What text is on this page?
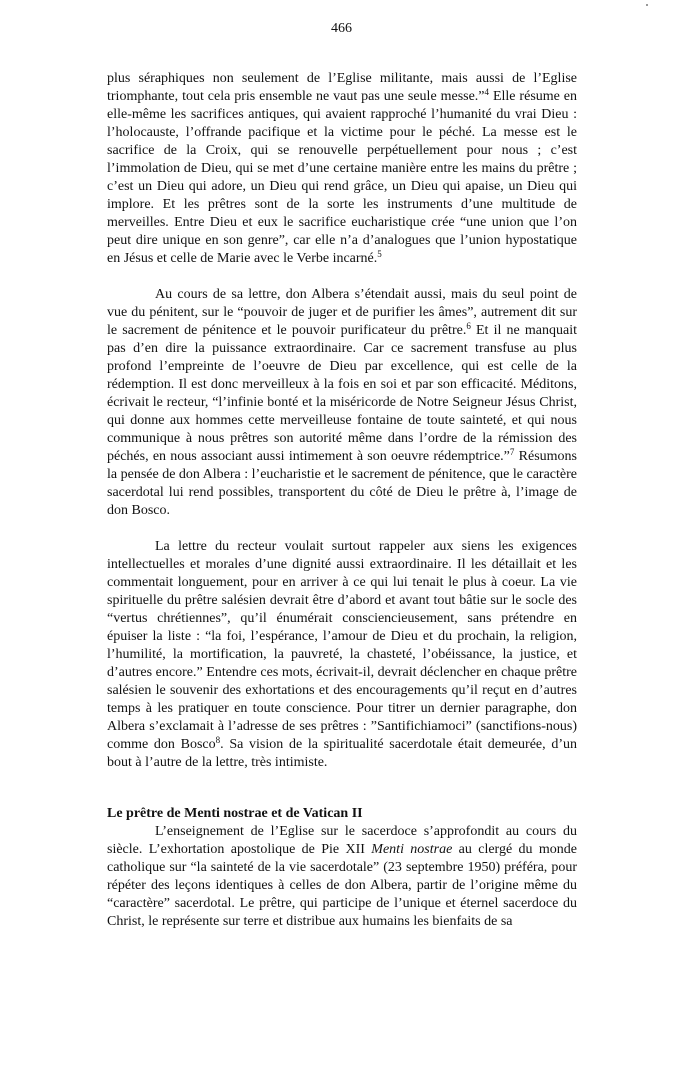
466

plus séraphiques non seulement de l’Eglise militante, mais aussi de l’Eglise triomphante, tout cela pris ensemble ne vaut pas une seule messe.”$^4$ Elle résume en elle-même les sacrifices antiques, qui avaient rapproché l’humanité du vrai Dieu : l’holocauste, l’offrande pacifique et la victime pour le péché. La messe est le sacrifice de la Croix, qui se renouvelle perpétuellement pour nous ; c’est l’immolation de Dieu, qui se met d’une certaine manière entre les mains du prêtre ; c’est un Dieu qui adore, un Dieu qui rend grâce, un Dieu qui apaise, un Dieu qui implore. Et les prêtres sont de la sorte les instruments d’une multitude de merveilles. Entre Dieu et eux le sacrifice eucharistique crée “une union que l’on peut dire unique en son genre”, car elle n’a d’analogues que l’union hypostatique en Jésus et celle de Marie avec le Verbe incarné.$^5$

Au cours de sa lettre, don Albera s’étendait aussi, mais du seul point de vue du pénitent, sur le “pouvoir de juger et de purifier les âmes”, autrement dit sur le sacrement de pénitence et le pouvoir purificateur du prêtre.$^6$ Et il ne manquait pas d’en dire la puissance extraordinaire. Car ce sacrement transfuse au plus profond l’empreinte de l’oeuvre de Dieu par excellence, qui est celle de la rédemption. Il est donc merveilleux à la fois en soi et par son efficacité. Méditons, écrivait le recteur, “l’infinie bonté et la miséricorde de Notre Seigneur Jésus Christ, qui donne aux hommes cette merveilleuse fontaine de toute sainteté, et qui nous communique à nous prêtres son autorité même dans l’ordre de la rémission des péchés, en nous associant aussi intimement à son oeuvre rédemptrice.”$^7$ Résumons la pensée de don Albera : l’eucharistie et le sacrement de pénitence, que le caractère sacerdotal lui rend possibles, transportent du côté de Dieu le prêtre à, l’image de don Bosco.

La lettre du recteur voulait surtout rappeler aux siens les exigences intellectuelles et morales d’une dignité aussi extraordinaire. Il les détaillait et les commentait longuement, pour en arriver à ce qui lui tenait le plus à coeur. La vie spirituelle du prêtre salésien devrait être d’abord et avant tout bâtie sur le socle des “vertus chrétiennes”, qu’il énumérait consciencieusement, sans prétendre en épuiser la liste : “la foi, l’espérance, l’amour de Dieu et du prochain, la religion, l’humilité, la mortification, la pauvreté, la chasteté, l’obéissance, la justice, et d’autres encore.” Entendre ces mots, écrivait-il, devrait déclencher en chaque prêtre salésien le souvenir des exhortations et des encouragements qu’il reçut en d’autres temps à les pratiquer en toute conscience. Pour titrer un dernier paragraphe, don Albera s’exclamait à l’adresse de ses prêtres : ”Santifichiamoci” (sanctifions-nous) comme don Bosco$^8$. Sa vision de la spiritualité sacerdotale était demeurée, d’un bout à l’autre de la lettre, très intimiste.

Le prêtre de Menti nostrae et de Vatican II

L’enseignement de l’Eglise sur le sacerdoce s’approfondit au cours du siècle. L’exhortation apostolique de Pie XII Menti nostrae au clergé du monde catholique sur “la sainteté de la vie sacerdotale” (23 septembre 1950) préféra, pour répéter des leçons identiques à celles de don Albera, partir de l’origine même du “caractère” sacerdotal. Le prêtre, qui participe de l’unique et éternel sacerdoce du Christ, le représente sur terre et distribue aux humains les bienfaits de sa
